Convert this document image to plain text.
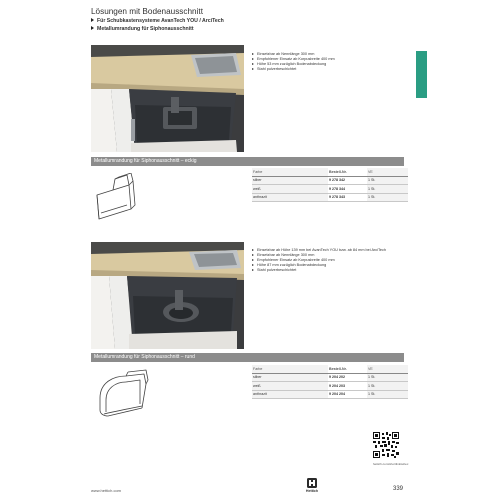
Lösungen mit Bodenausschnitt
Für Schubkastensysteme AvanTech YOU / ArciTech
Metallumrandung für Siphonausschnitt
Einsetzbar ab Nennlänge 300 mm
Empfohlener Einsatz ab Korpusbreite 400 mm
Höhe 53 mm zuzüglich Bodenabdeckung
Stahl pulverbeschichtet
Metallumrandung für Siphonausschnitt – eckig
Farbe	Bestell-Nr.	VE
silber	9 278 342	1 St.
weiß	9 278 344	1 St.
anthrazit	9 278 343	1 St.
Einsetzbar ab Höhe 139 mm bei AvanTech YOU bzw. ab 84 mm bei ArciTech
Einsetzbar ab Nennlänge 300 mm
Empfohlener Einsatz ab Korpusbreite 400 mm
Höhe 87 mm zuzüglich Bodenabdeckung
Stahl pulverbeschichtet
Metallumrandung für Siphonausschnitt – rund
Farbe	Bestell-Nr.	VE
silber	9 204 202	1 St.
weiß	9 204 203	1 St.
anthrazit	9 204 204	1 St.
hettich.com/shortlink/aztec
www.hettich.com	Hettich	339
